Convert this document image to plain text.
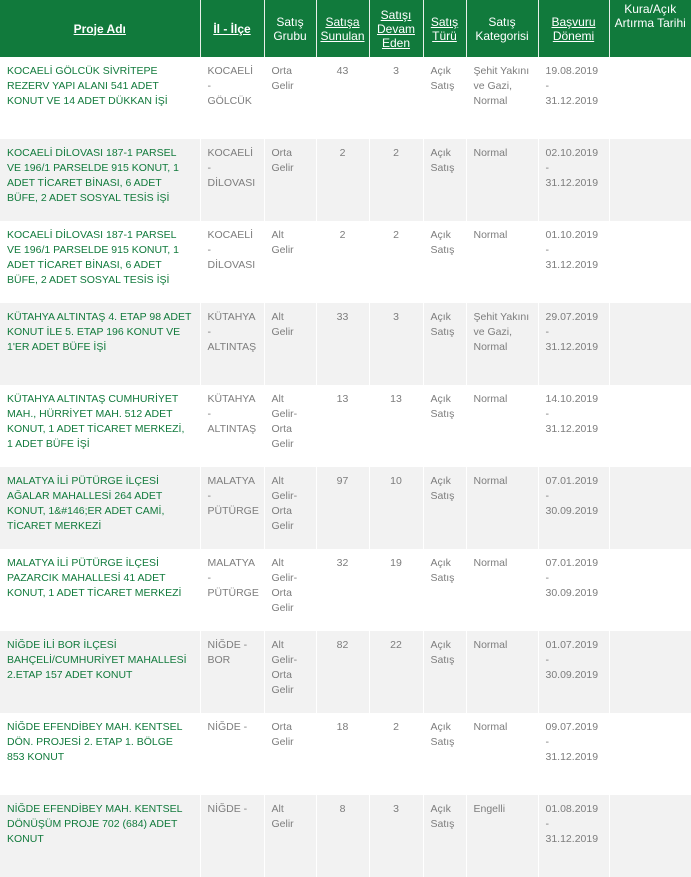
Proje Adı	İl - İlçe	Satış Grubu	Satışa Sunulan	Satışı Devam Eden	Satış Türü	Satış Kategorisi	Başvuru Dönemi	Kura/Açık Artırma Tarihi
KOCAELİ GÖLCÜK SİVRİTEPE REZERV YAPI ALANI 541 ADET KONUT VE 14 ADET DÜKKAN İŞİ	KOCAELİ - GÖLCÜK	Orta Gelir	43	3	Açık Satış	Şehit Yakını ve Gazi, Normal	19.08.2019 - 31.12.2019	
KOCAELİ DİLOVASI 187-1 PARSEL VE 196/1 PARSELDE 915 KONUT, 1 ADET TİCARET BİNASI, 6 ADET BÜFE, 2 ADET SOSYAL TESİS İŞİ	KOCAELİ - DİLOVASI	Orta Gelir	2	2	Açık Satış	Normal	02.10.2019 - 31.12.2019	
KOCAELİ DİLOVASI 187-1 PARSEL VE 196/1 PARSELDE 915 KONUT, 1 ADET TİCARET BİNASI, 6 ADET BÜFE, 2 ADET SOSYAL TESİS İŞİ	KOCAELİ - DİLOVASI	Alt Gelir	2	2	Açık Satış	Normal	01.10.2019 - 31.12.2019	
KÜTAHYA ALTINTAŞ 4. ETAP 98 ADET KONUT İLE 5. ETAP 196 KONUT VE 1'ER ADET BÜFE İŞİ	KÜTAHYA - ALTINTAŞ	Alt Gelir	33	3	Açık Satış	Şehit Yakını ve Gazi, Normal	29.07.2019 - 31.12.2019	
KÜTAHYA ALTINTAŞ CUMHURİYET MAH., HÜRRİYET MAH. 512 ADET KONUT, 1 ADET TİCARET MERKEZİ, 1 ADET BÜFE İŞİ	KÜTAHYA - ALTINTAŞ	Alt Gelir-Orta Gelir	13	13	Açık Satış	Normal	14.10.2019 - 31.12.2019	
MALATYA İLİ PÜTÜRGE İLÇESİ AĞALAR MAHALLESİ 264 ADET KONUT, 1&#146;ER ADET CAMİ, TİCARET MERKEZİ	MALATYA - PÜTÜRGE	Alt Gelir-Orta Gelir	97	10	Açık Satış	Normal	07.01.2019 - 30.09.2019	
MALATYA İLİ PÜTÜRGE İLÇESİ PAZARCIK MAHALLESİ 41 ADET KONUT, 1 ADET TİCARET MERKEZİ	MALATYA - PÜTÜRGE	Alt Gelir-Orta Gelir	32	19	Açık Satış	Normal	07.01.2019 - 30.09.2019	
NİĞDE İLİ BOR İLÇESİ BAHÇELİ/CUMHURİYET MAHALLESİ 2.ETAP 157 ADET KONUT	NİĞDE - BOR	Alt Gelir-Orta Gelir	82	22	Açık Satış	Normal	01.07.2019 - 30.09.2019	
NİĞDE EFENDİBEY MAH. KENTSEL DÖN. PROJESİ 2. ETAP 1. BÖLGE 853 KONUT	NİĞDE -	Orta Gelir	18	2	Açık Satış	Normal	09.07.2019 - 31.12.2019	
NİĞDE EFENDİBEY MAH. KENTSEL DÖNÜŞÜM PROJE 702 (684) ADET KONUT	NİĞDE -	Alt Gelir	8	3	Açık Satış	Engelli	01.08.2019 - 31.12.2019	
